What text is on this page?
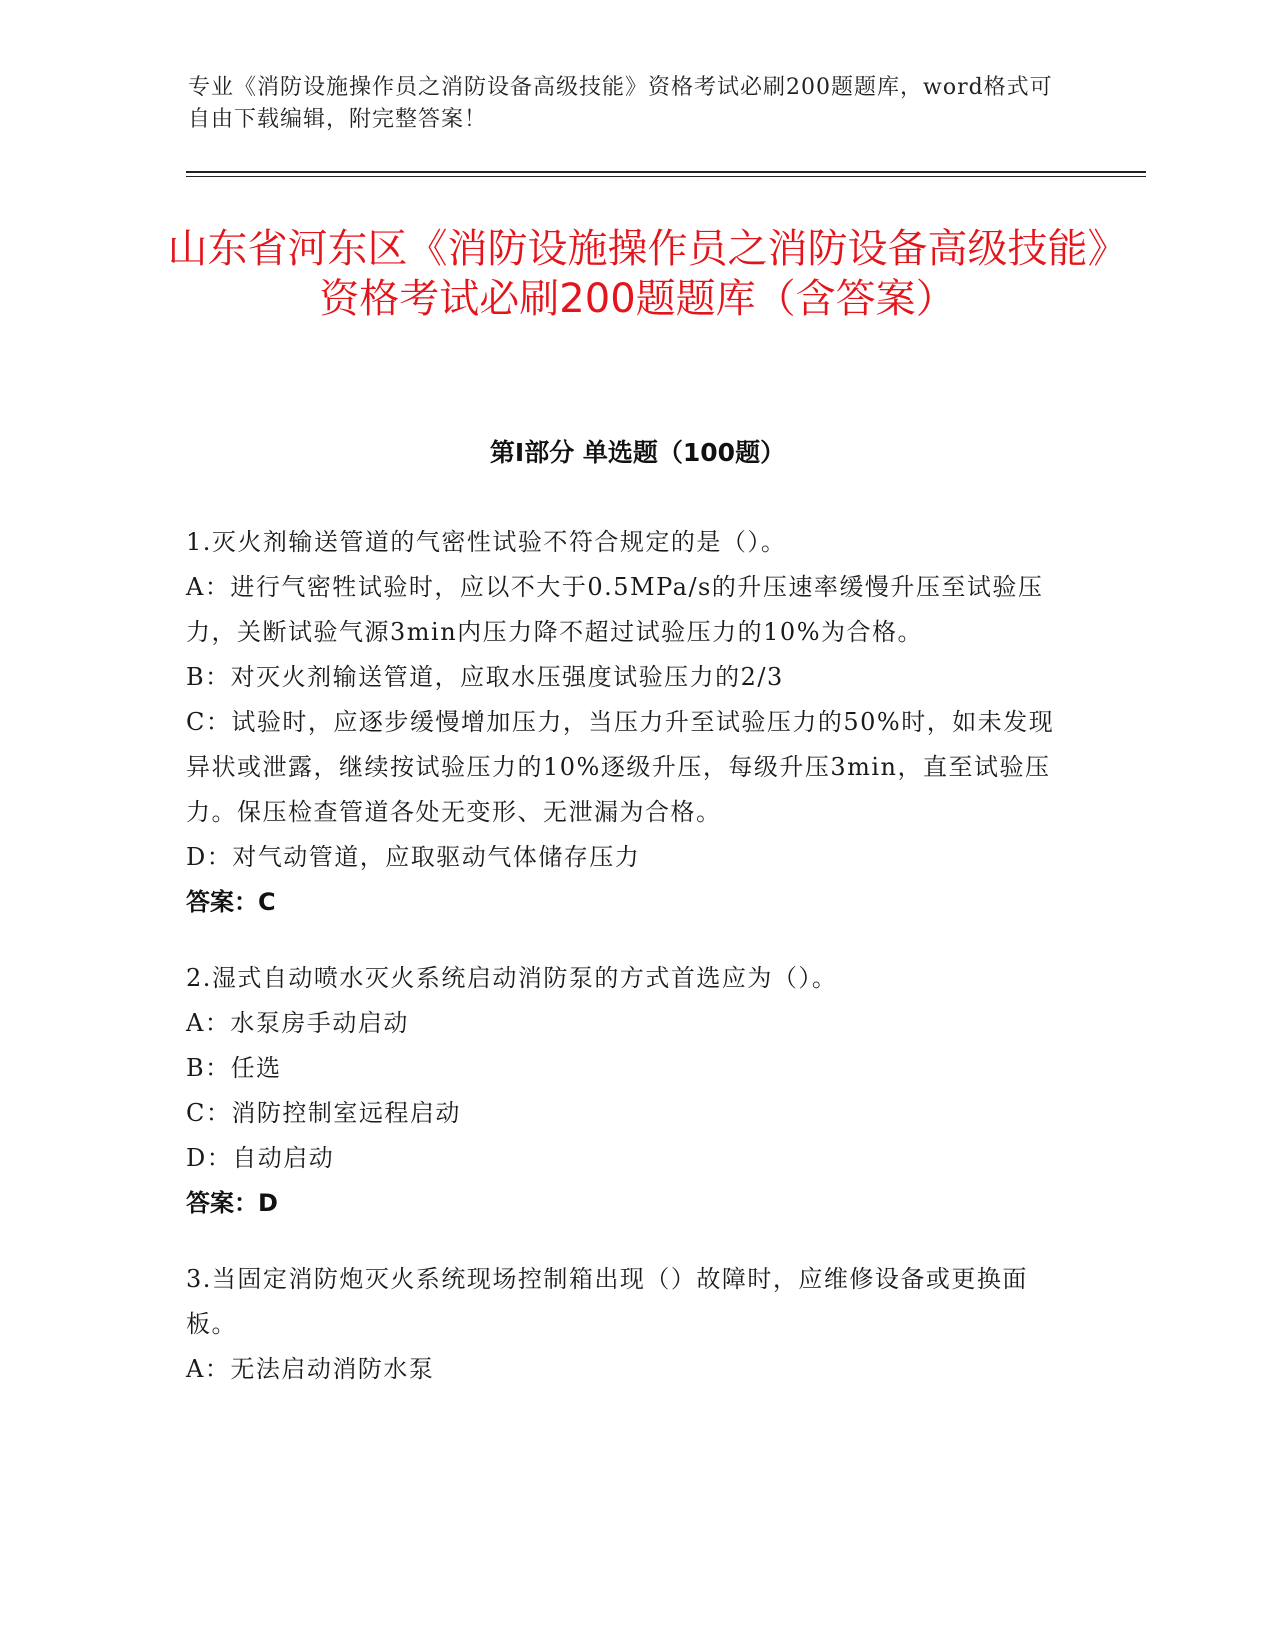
专业《消防设施操作员之消防设备高级技能》资格考试必刷200题题库，word格式可自由下载编辑，附完整答案！
山东省河东区《消防设施操作员之消防设备高级技能》资格考试必刷200题题库（含答案）
第I部分 单选题（100题）

1.灭火剂输送管道的气密性试验不符合规定的是（）。

A：进行气密牲试验时，应以不大于0.5MPa/s的升压速率缓慢升压至试验压力，关断试验气源3min内压力降不超过试验压力的10%为合格。

B：对灭火剂输送管道，应取水压强度试验压力的2/3

C：试验时，应逐步缓慢增加压力，当压力升至试验压力的50%时，如未发现异状或泄露，继续按试验压力的10%逐级升压，每级升压3min，直至试验压力。保压检查管道各处无变形、无泄漏为合格。

D：对气动管道，应取驱动气体储存压力

答案：C

2.湿式自动喷水灭火系统启动消防泵的方式首选应为（）。

A：水泵房手动启动

B：任选

C：消防控制室远程启动

D：自动启动

答案：D

3.当固定消防炮灭火系统现场控制箱出现（）故障时，应维修设备或更换面板。

A：无法启动消防水泵
